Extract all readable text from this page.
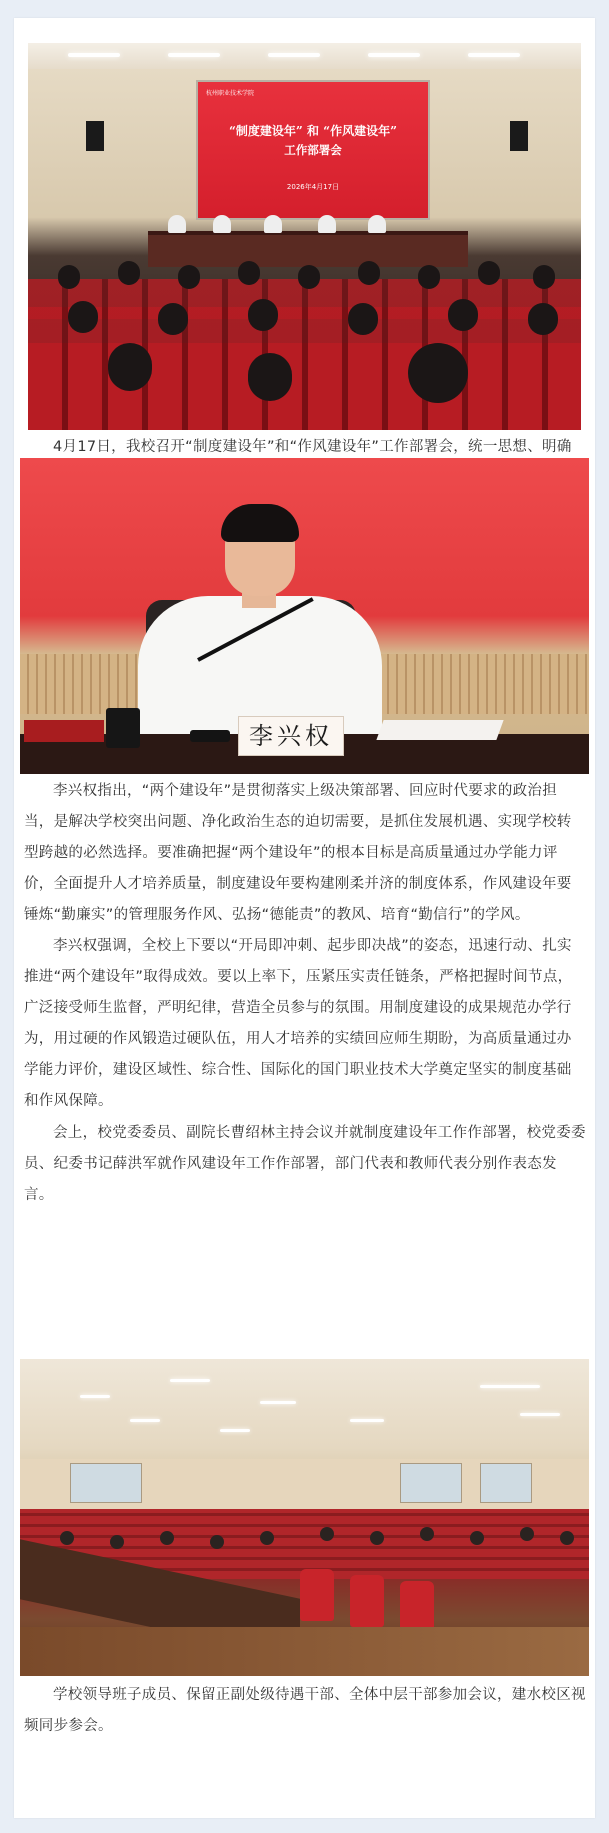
杭州职业技术学院
“制度建设年” 和 “作风建设年”
工作部署会
2026年4月17日

4月17日，我校召开“制度建设年”和“作风建设年”工作部署会，统一思想、明确

李兴权

李兴权指出，“两个建设年”是贯彻落实上级决策部署、回应时代要求的政治担当，是解决学校突出问题、净化政治生态的迫切需要，是抓住发展机遇、实现学校转型跨越的必然选择。要准确把握“两个建设年”的根本目标是高质量通过办学能力评价，全面提升人才培养质量，制度建设年要构建刚柔并济的制度体系，作风建设年要锤炼“勤廉实”的管理服务作风、弘扬“德能责”的教风、培育“勤信行”的学风。

李兴权强调，全校上下要以“开局即冲刺、起步即决战”的姿态，迅速行动、扎实推进“两个建设年”取得成效。要以上率下，压紧压实责任链条，严格把握时间节点，广泛接受师生监督，严明纪律，营造全员参与的氛围。用制度建设的成果规范办学行为，用过硬的作风锻造过硬队伍，用人才培养的实绩回应师生期盼，为高质量通过办学能力评价，建设区域性、综合性、国际化的国门职业技术大学奠定坚实的制度基础和作风保障。

会上，校党委委员、副院长曹绍林主持会议并就制度建设年工作作部署，校党委委员、纪委书记薛洪军就作风建设年工作作部署，部门代表和教师代表分别作表态发言。

学校领导班子成员、保留正副处级待遇干部、全体中层干部参加会议，建水校区视频同步参会。
